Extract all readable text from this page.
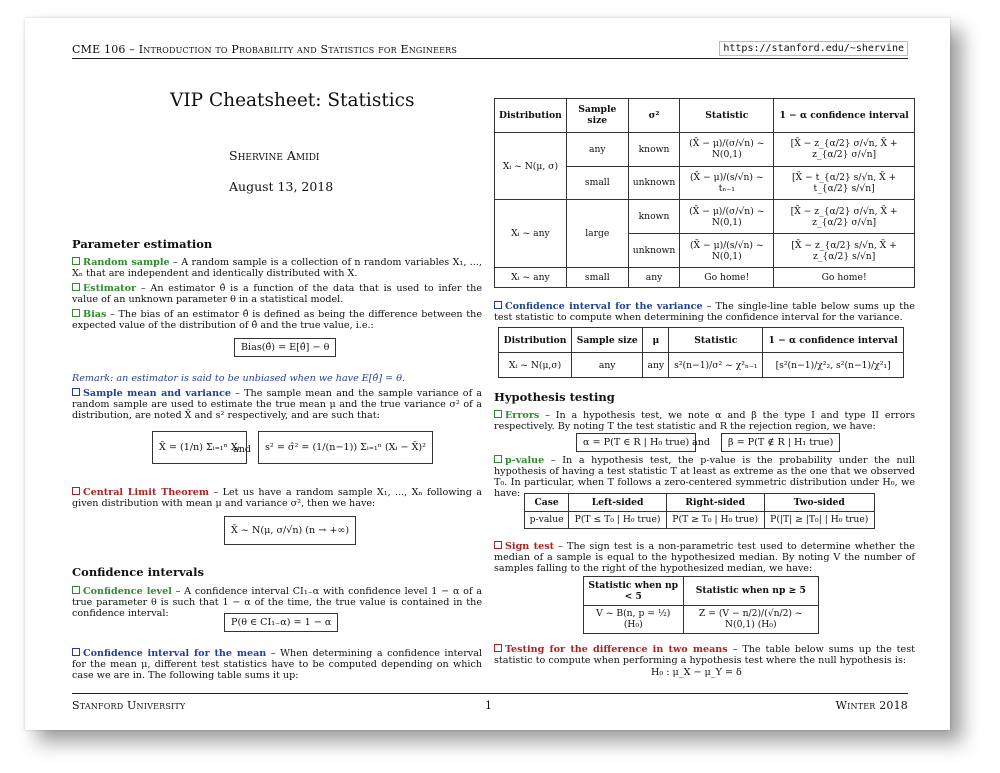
CME 106 – Introduction to Probability and Statistics for Engineers	https://stanford.edu/~shervine
VIP Cheatsheet: Statistics
Shervine Amidi
August 13, 2018
Parameter estimation
Random sample – A random sample is a collection of n random variables X₁, ..., Xₙ that are independent and identically distributed with X.
Estimator – An estimator θ̂ is a function of the data that is used to infer the value of an unknown parameter θ in a statistical model.
Bias – The bias of an estimator θ̂ is defined as being the difference between the expected value of the distribution of θ̂ and the true value, i.e.:
Bias(θ̂) = E[θ̂] − θ
Remark: an estimator is said to be unbiased when we have E[θ̂] = θ.
Sample mean and variance – The sample mean and the sample variance of a random sample are used to estimate the true mean μ and the true variance σ² of a distribution, are noted X̄ and s² respectively, and are such that:
X̄ = (1/n) Σᵢ₌₁ⁿ Xᵢ
and	s² = σ̂² = (1/(n−1)) Σᵢ₌₁ⁿ (Xᵢ − X̄)²
Central Limit Theorem – Let us have a random sample X₁, ..., Xₙ following a given distribution with mean μ and variance σ², then we have:
X̄ ~ N(μ, σ/√n) (n → +∞)
Confidence intervals
Confidence level – A confidence interval CI₁₋α with confidence level 1 − α of a true parameter θ is such that 1 − α of the time, the true value is contained in the confidence interval:
P(θ ∈ CI₁₋α) = 1 − α
Confidence interval for the mean – When determining a confidence interval for the mean μ, different test statistics have to be computed depending on which case we are in. The following table sums it up:
Distribution	Sample size	σ²	Statistic	1 − α confidence interval
Xᵢ ~ N(μ, σ)	any	known	(X̄ − μ)/(σ/√n) ~ N(0,1)	[X̄ − z_{α/2} σ/√n, X̄ + z_{α/2} σ/√n]
	small	unknown	(X̄ − μ)/(s/√n) ~ tₙ₋₁	[X̄ − t_{α/2} s/√n, X̄ + t_{α/2} s/√n]
Xᵢ ~ any	large	known	(X̄ − μ)/(σ/√n) ~ N(0,1)	[X̄ − z_{α/2} σ/√n, X̄ + z_{α/2} σ/√n]
		unknown	(X̄ − μ)/(s/√n) ~ N(0,1)	[X̄ − z_{α/2} s/√n, X̄ + z_{α/2} s/√n]
Xᵢ ~ any	small	any	Go home!	Go home!
Confidence interval for the variance – The single-line table below sums up the test statistic to compute when determining the confidence interval for the variance.
Distribution	Sample size	μ	Statistic	1 − α confidence interval
Xᵢ ~ N(μ,σ)	any	any	s²(n−1)/σ² ~ χ²ₙ₋₁	[s²(n−1)/χ²₂, s²(n−1)/χ²₁]
Hypothesis testing
Errors – In a hypothesis test, we note α and β the type I and type II errors respectively. By noting T the test statistic and R the rejection region, we have:
α = P(T ∈ R | H₀ true) and	β = P(T ∉ R | H₁ true)
p-value – In a hypothesis test, the p-value is the probability under the null hypothesis of having a test statistic T at least as extreme as the one that we observed T₀. In particular, when T follows a zero-centered symmetric distribution under H₀, we have:
Case	Left-sided	Right-sided	Two-sided
p-value	P(T ≤ T₀ | H₀ true)	P(T ≥ T₀ | H₀ true)	P(|T| ≥ |T₀| | H₀ true)
Sign test – The sign test is a non-parametric test used to determine whether the median of a sample is equal to the hypothesized median. By noting V the number of samples falling to the right of the hypothesized median, we have:
Statistic when np < 5	Statistic when np ≥ 5
V ~ B(n, p = ½) (H₀)	Z = (V − n/2)/(√n/2) ~ N(0,1) (H₀)
Testing for the difference in two means – The table below sums up the test statistic to compute when performing a hypothesis test where the null hypothesis is:
H₀ : μ_X − μ_Y = δ
Stanford University	1	Winter 2018
